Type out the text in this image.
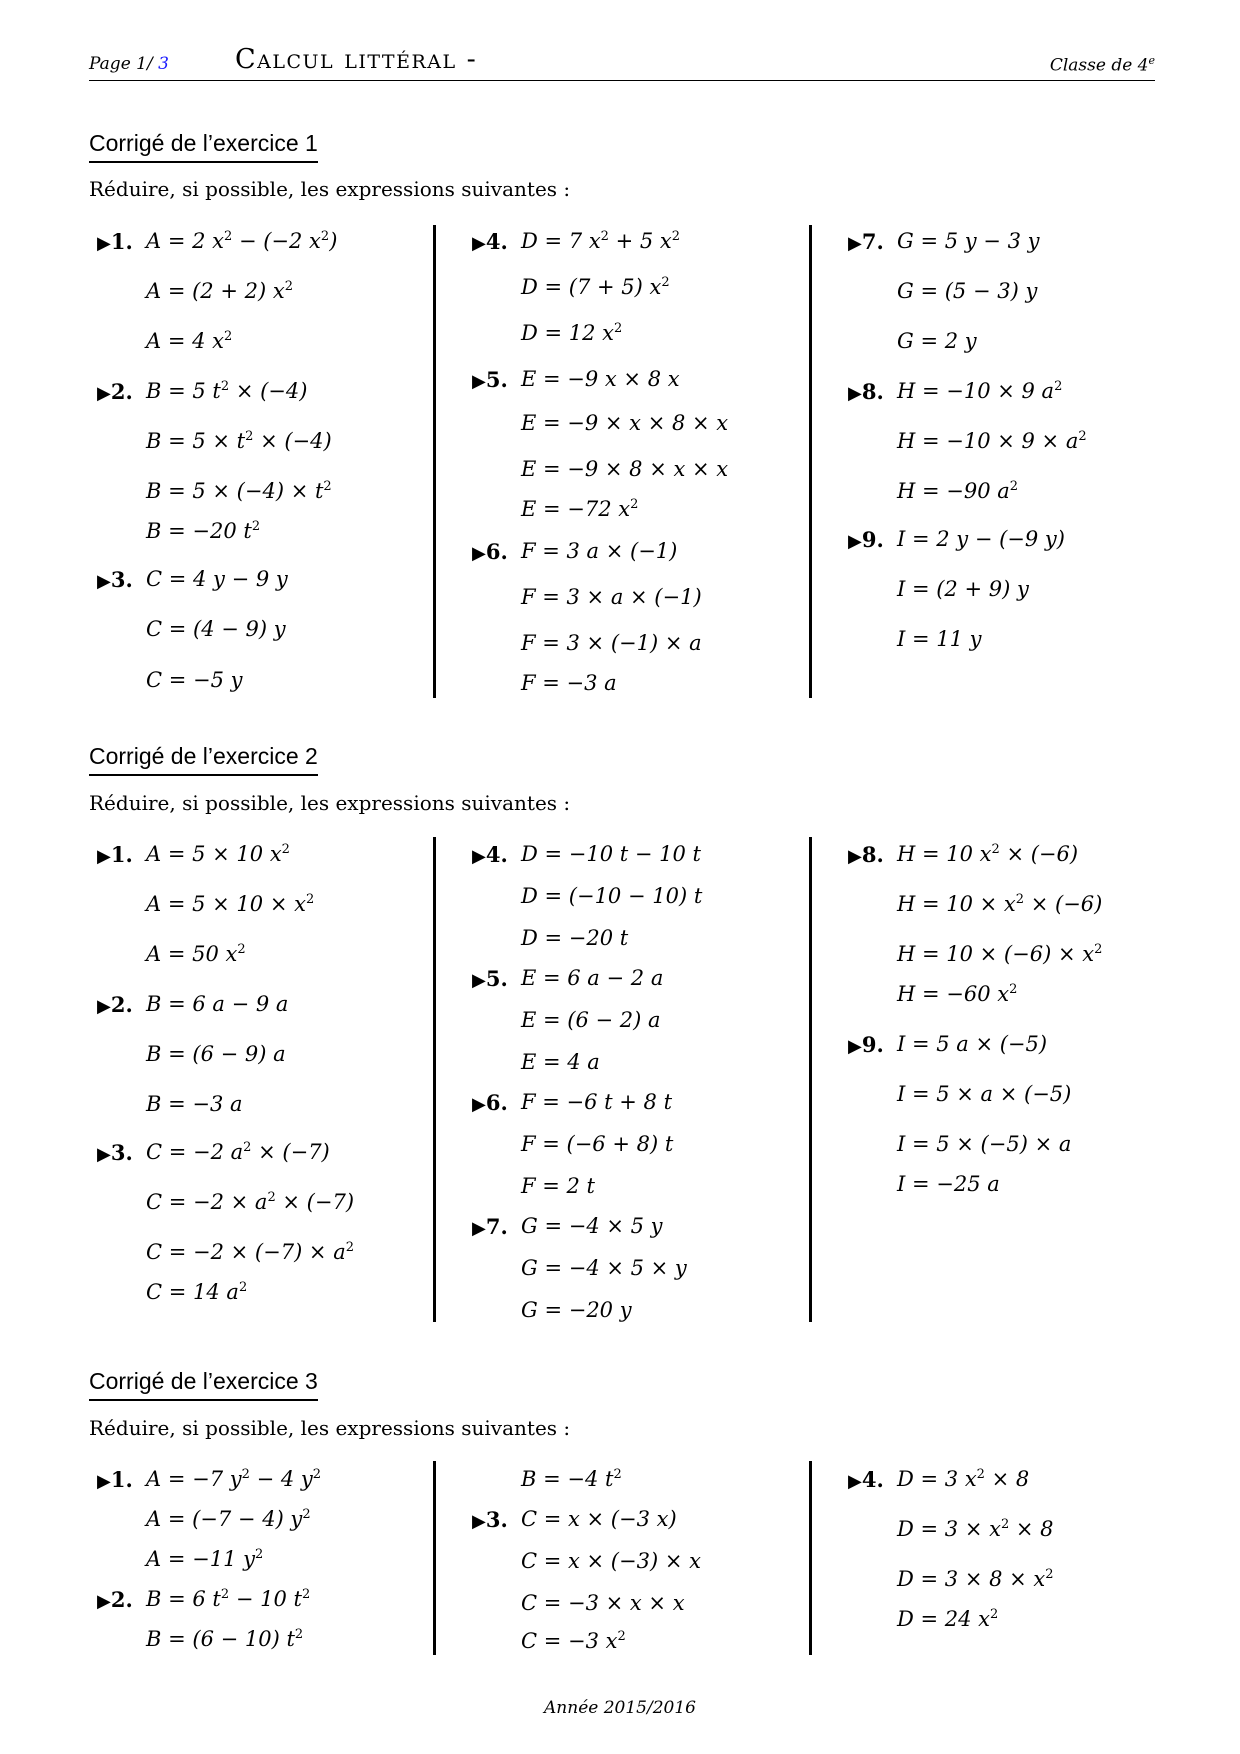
Page 1/ 3 Calcul littéral -	Classe de 4e
Corrigé de l’exercice 1
Réduire, si possible, les expressions suivantes :
▶1. A = 2 $x^2 - (-2$ $x^2$)
A = (2 + 2) $x^2$
A = 4 $x^2$
▶2. B = 5 $t^2 \times (-4)$
$B = 5 \times t^2 \times (-4)$
$B = 5 \times (-4) \times t^2$
B = −20 $t^2$
▶3. C = 4 y − 9 y
C = (4 − 9) y
C = −5 y
▶4. D = 7 $x^2 + 5$ $x^2$
D = (7 + 5) $x^2$
D = 12 $x^2$
▶5. E = −9 x × 8 x
E = −9 × x × 8 × x
E = −9 × 8 × x × x
E = −72 $x^2$
▶6. F = 3 a × (−1)
F = 3 × a × (−1)
F = 3 × (−1) × a
F = −3 a
▶7. G = 5 y − 3 y
G = (5 − 3) y
G = 2 y
▶8. H = −10 × 9 $a^2$
$H = -10 \times 9 \times a^2$
H = −90 $a^2$
▶9. I = 2 y − (−9 y)
I = (2 + 9) y
I = 11 y
Corrigé de l’exercice 2
Réduire, si possible, les expressions suivantes :
▶1. A = 5 × 10 $x^2$
$A = 5 \times 10 \times x^2$
A = 50 $x^2$
▶2. B = 6 a − 9 a
B = (6 − 9) a
B = −3 a
▶3. C = −2 $a^2 \times (-7)$
$C = -2 \times a^2 \times (-7)$
$C = -2 \times (-7) \times a^2$
C = 14 $a^2$
▶4. D = −10 t − 10 t
D = (−10 − 10) t
D = −20 t
▶5. E = 6 a − 2 a
E = (6 − 2) a
E = 4 a
▶6. F = −6 t + 8 t
F = (−6 + 8) t
F = 2 t
▶7. G = −4 × 5 y
G = −4 × 5 × y
G = −20 y
▶8. H = 10 $x^2 \times (-6)$
$H = 10 \times x^2 \times (-6)$
$H = 10 \times (-6) \times x^2$
H = −60 $x^2$
▶9. I = 5 a × (−5)
I = 5 × a × (−5)
I = 5 × (−5) × a
I = −25 a
Corrigé de l’exercice 3
Réduire, si possible, les expressions suivantes :
▶1. A = −7 $y^2 - 4$ $y^2$
A = (−7 − 4) $y^2$
A = −11 $y^2$
▶2. B = 6 $t^2 - 10$ $t^2$
B = (6 − 10) $t^2$
B = −4 $t^2$
▶3. C = x × (−3 x)
C = x × (−3) × x
C = −3 × x × x
C = −3 $x^2$
▶4. D = 3 $x^2 \times 8$
$D = 3 \times x^2 \times 8$
$D = 3 \times 8 \times x^2$
D = 24 $x^2$
Année 2015/2016
